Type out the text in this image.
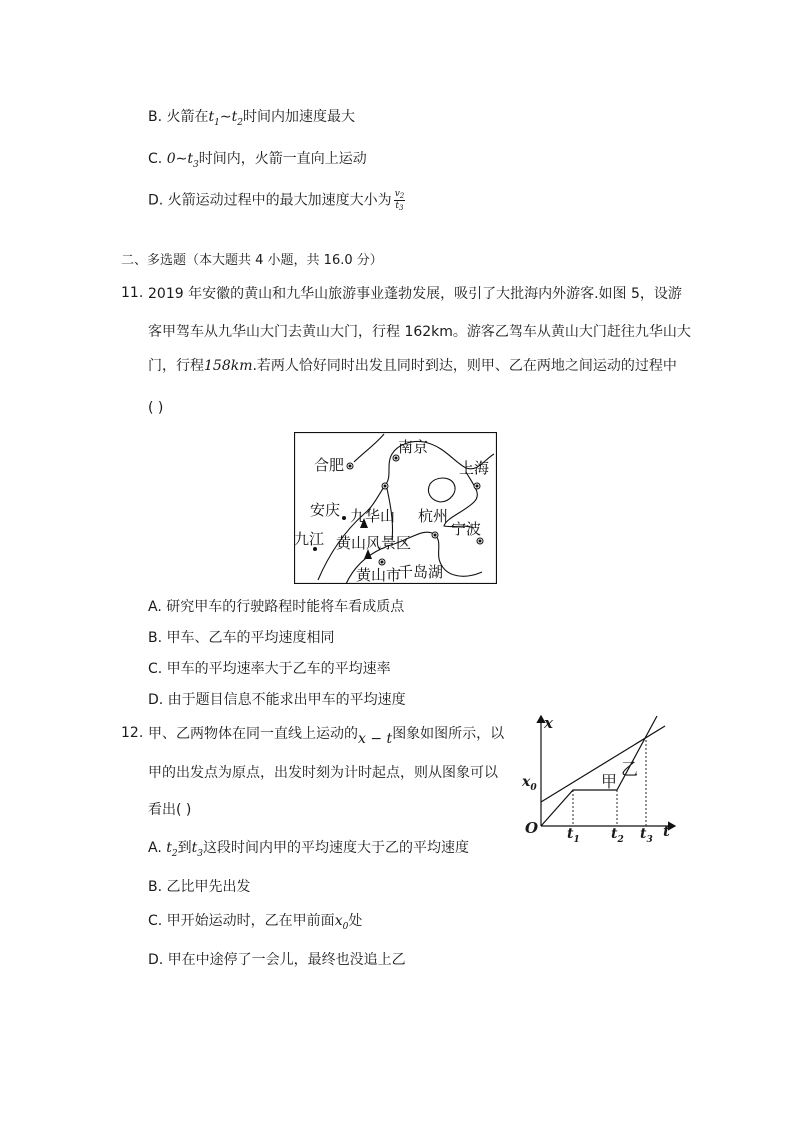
B. 火箭在$t_1\sim t_2$时间内加速度最大
C. $0\sim t_3$时间内，火箭一直向上运动
D. 火箭运动过程中的最大加速度大小为 $\frac{v_2}{t_3}$
二、多选题（本大题共 4 小题，共 16.0 分）
11. 2019 年安徽的黄山和九华山旅游事业蓬勃发展，吸引了大批海内外游客.如图 5，设游
客甲驾车从九华山大门去黄山大门，行程 162km。游客乙驾车从黄山大门赶往九华山大
门，行程158km.若两人恰好同时出发且同时到达，则甲、乙在两地之间运动的过程中
( )
南京
合肥	上海
安庆 九华山 杭州
宁波
九江 黄山风景区
黄山市
千岛湖
A. 研究甲车的行驶路程时能将车看成质点
B. 甲车、乙车的平均速度相同
C. 甲车的平均速率大于乙车的平均速率
D. 由于题目信息不能求出甲车的平均速度
12. 甲、乙两物体在同一直线上运动的x − t图象如图所示，以
甲的出发点为原点，出发时刻为计时起点，则从图象可以
看出( )
x
t
O
$x_0$
乙
甲
$t_1$ $t_2$ $t_3$
A. $t_2$到$t_3$这段时间内甲的平均速度大于乙的平均速度
B. 乙比甲先出发
C. 甲开始运动时，乙在甲前面$x_0$处
D. 甲在中途停了一会儿，最终也没追上乙
